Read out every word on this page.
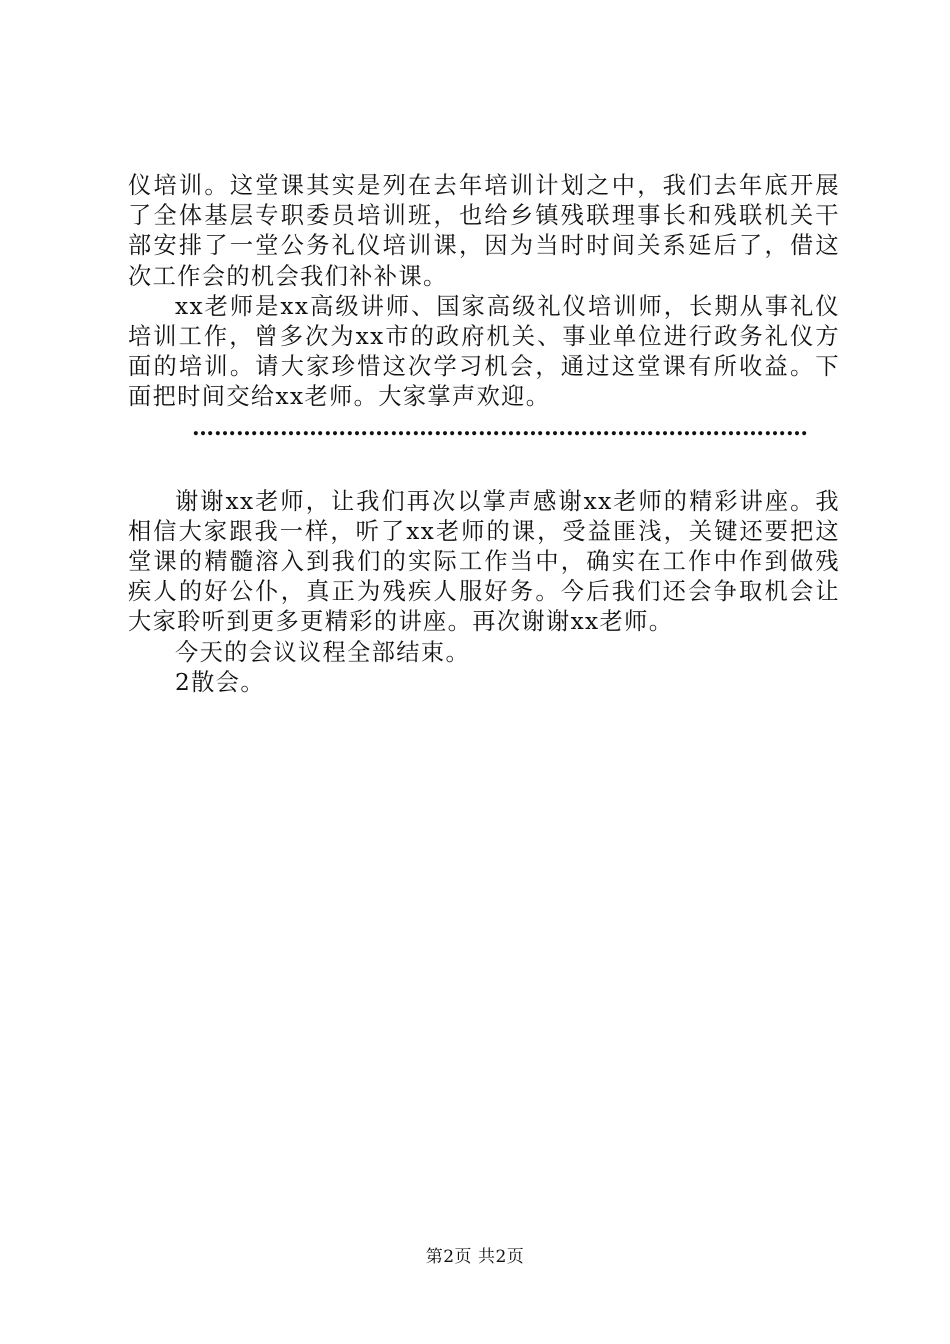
仪培训。这堂课其实是列在去年培训计划之中，我们去年底开展了全体基层专职委员培训班，也给乡镇残联理事长和残联机关干部安排了一堂公务礼仪培训课，因为当时时间关系延后了，借这次工作会的机会我们补补课。

xx老师是xx高级讲师、国家高级礼仪培训师，长期从事礼仪培训工作，曾多次为xx市的政府机关、事业单位进行政务礼仪方面的培训。请大家珍惜这次学习机会，通过这堂课有所收益。下面把时间交给xx老师。大家掌声欢迎。

…………………………………………………………………………

谢谢xx老师，让我们再次以掌声感谢xx老师的精彩讲座。我相信大家跟我一样，听了xx老师的课，受益匪浅，关键还要把这堂课的精髓溶入到我们的实际工作当中，确实在工作中作到做残疾人的好公仆，真正为残疾人服好务。今后我们还会争取机会让大家聆听到更多更精彩的讲座。再次谢谢xx老师。

今天的会议议程全部结束。

2散会。

第2页 共2页
